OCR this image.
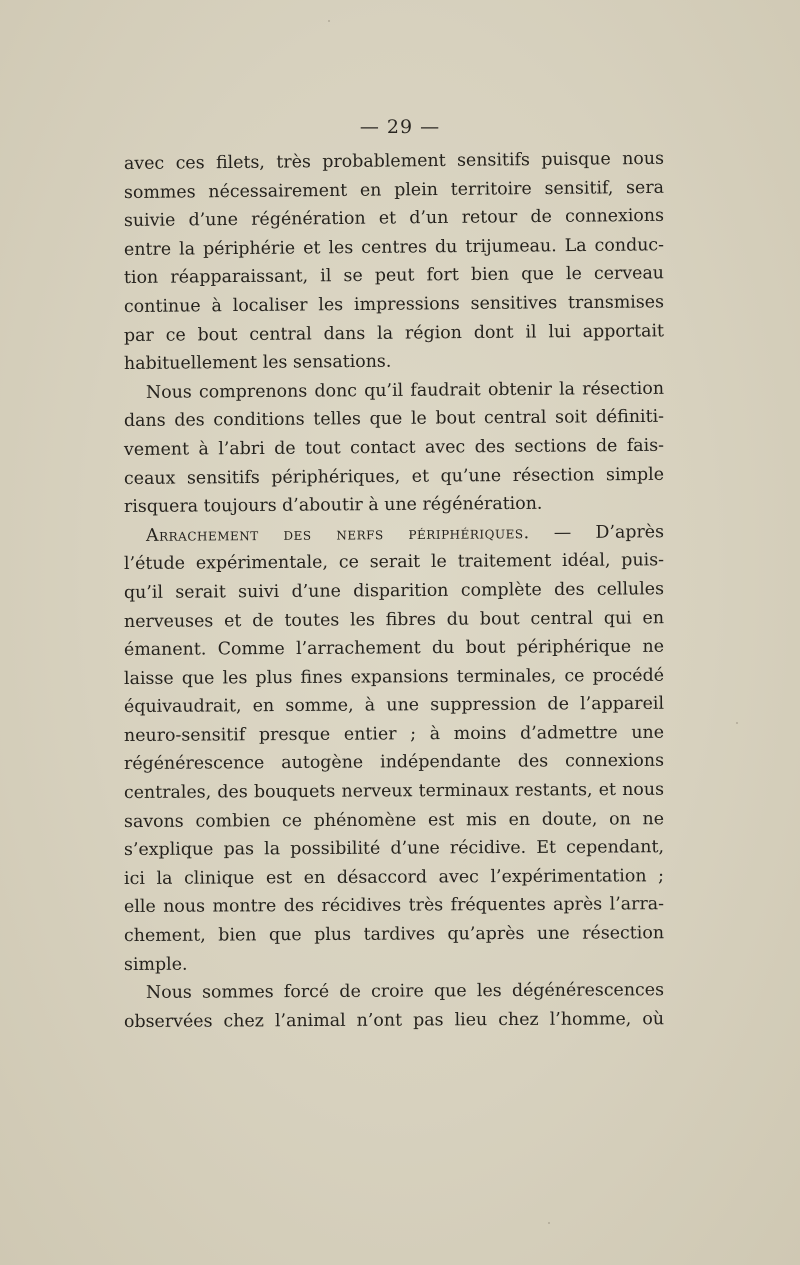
— 29 —
avec ces filets, très probablement sensitifs puisque nous
sommes nécessairement en plein territoire sensitif, sera
suivie d’une régénération et d’un retour de connexions
entre la périphérie et les centres du trijumeau. La conduc-
tion réapparaissant, il se peut fort bien que le cerveau
continue à localiser les impressions sensitives transmises
par ce bout central dans la région dont il lui apportait
habituellement les sensations.
Nous comprenons donc qu’il faudrait obtenir la résection
dans des conditions telles que le bout central soit définiti-
vement à l’abri de tout contact avec des sections de fais-
ceaux sensitifs périphériques, et qu’une résection simple
risquera toujours d’aboutir à une régénération.
Arrachement des nerfs périphériques. — D’après
l’étude expérimentale, ce serait le traitement idéal, puis-
qu’il serait suivi d’une disparition complète des cellules
nerveuses et de toutes les fibres du bout central qui en
émanent. Comme l’arrachement du bout périphérique ne
laisse que les plus fines expansions terminales, ce procédé
équivaudrait, en somme, à une suppression de l’appareil
neuro-sensitif presque entier ; à moins d’admettre une
régénérescence autogène indépendante des connexions
centrales, des bouquets nerveux terminaux restants, et nous
savons combien ce phénomène est mis en doute, on ne
s’explique pas la possibilité d’une récidive. Et cependant,
ici la clinique est en désaccord avec l’expérimentation ;
elle nous montre des récidives très fréquentes après l’arra-
chement, bien que plus tardives qu’après une résection
simple.
Nous sommes forcé de croire que les dégénérescences
observées chez l’animal n’ont pas lieu chez l’homme, où
